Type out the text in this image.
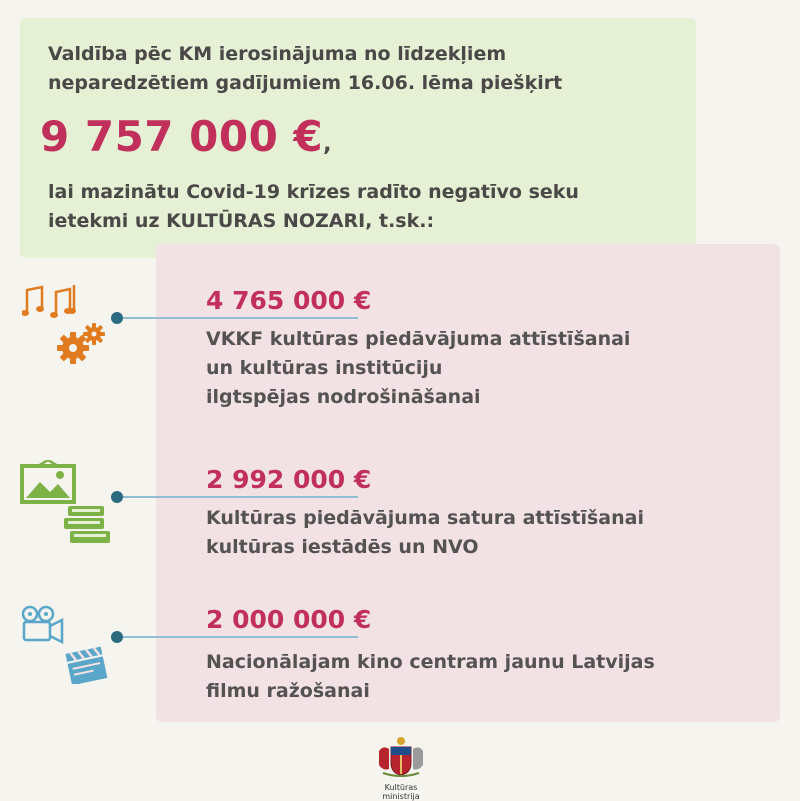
Valdība pēc KM ierosinājuma no līdzekļiem

neparedzētiem gadījumiem 16.06. lēma piešķirt

9 757 000 €,
lai mazinātu Covid-19 krīzes radīto negatīvo seku
ietekmi uz KULTŪRAS NOZARI, t.sk.:
4 765 000 €
VKKF kultūras piedāvājuma attīstīšanai
un kultūras institūciju
ilgtspējas nodrošināšanai
2 992 000 €
Kultūras piedāvājuma satura attīstīšanai
kultūras iestādēs un NVO
2 000 000 €
Nacionālajam kino centram jaunu Latvijas
filmu ražošanai
Kultūras ministrija
